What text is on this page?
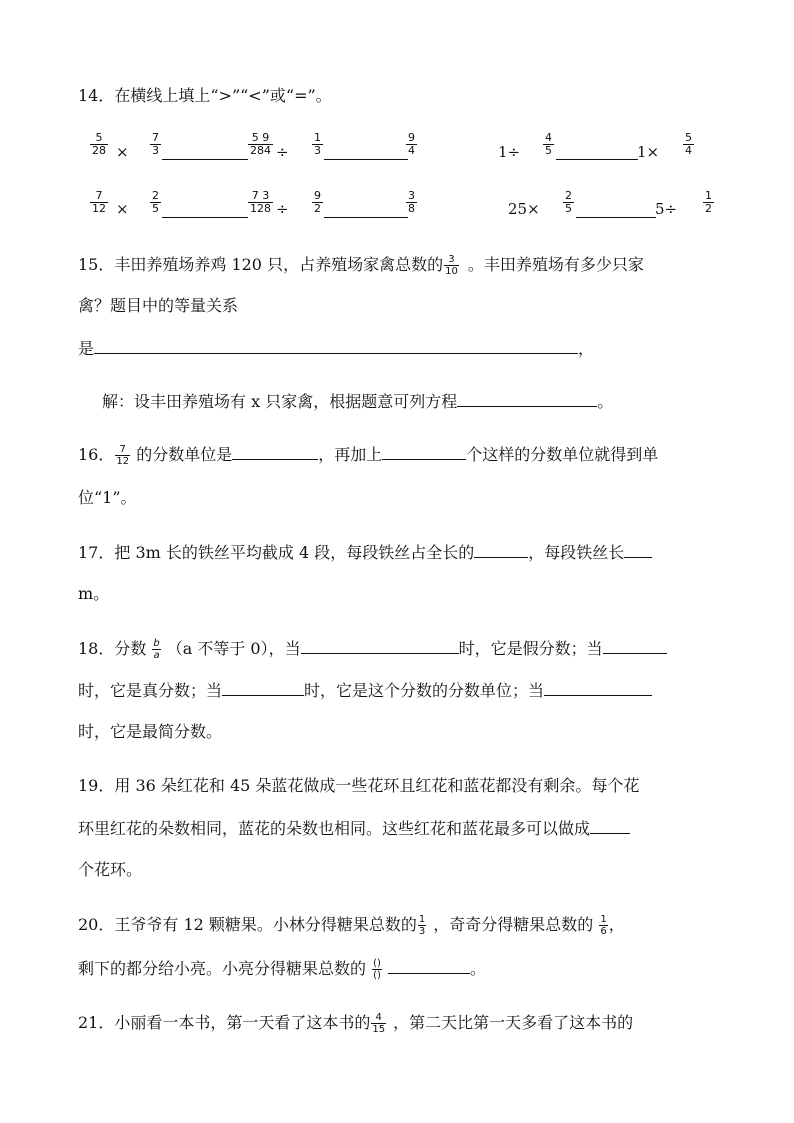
14．在横线上填上“>”“<”或“=”。
$\frac{5}{28} \times \frac{7}{3}$	$\frac{5 9}{284} \div \frac{1}{3}$	$\frac{9}{4}$	$1\div \frac{4}{5}$	$1\times \frac{5}{4}$
$\frac{7}{12} \times \frac{2}{5}$	$\frac{7 3}{128} \div \frac{9}{2}$	$\frac{3}{8}$	$25\times \frac{2}{5}$	$5\div \frac{1}{2}$
15．丰田养殖场养鸡 120 只，占养殖场家禽总数的 $\frac{3}{10}$ 。丰田养殖场有多少只家
禽？题目中的等量关系
是	，
解：设丰田养殖场有 x 只家禽，根据题意可列方程	。
16． $\frac{7}{12}$ 的分数单位是	，再加上	个这样的分数单位就得到单
位“1”。
17．把 3m 长的铁丝平均截成 4 段，每段铁丝占全长的	，每段铁丝长
m。
18．分数 $\frac{b}{a} (a$ 不等于 0），当	时，它是假分数；当
时，它是真分数；当	时，它是这个分数的分数单位；当
时，它是最简分数。
19．用 36 朵红花和 45 朵蓝花做成一些花环且红花和蓝花都没有剩余。每个花
环里红花的朵数相同，蓝花的朵数也相同。这些红花和蓝花最多可以做成
个花环。
20．王爷爷有 12 颗糖果。小林分得糖果总数的 $\frac{1}{3}$ ，奇奇分得糖果总数的 $\frac{1}{6}$ ，
剩下的都分给小亮。小亮分得糖果总数的 ()
()	。
21．小丽看一本书，第一天看了这本书的 $\frac{4}{15}$ ，第二天比第一天多看了这本书的
